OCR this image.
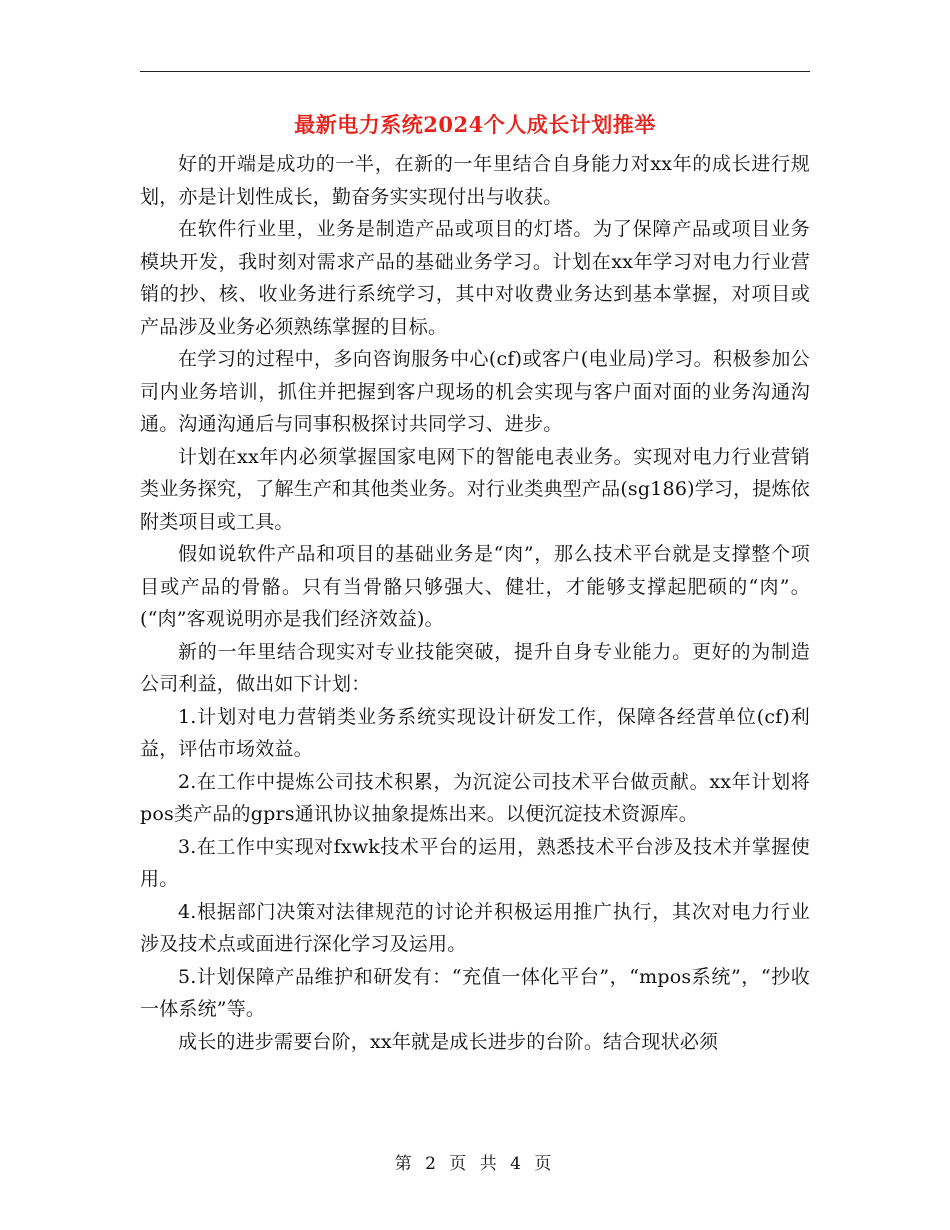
最新电力系统2024个人成长计划推举

好的开端是成功的一半，在新的一年里结合自身能力对xx年的成长进行规划，亦是计划性成长，勤奋务实实现付出与收获。

在软件行业里，业务是制造产品或项目的灯塔。为了保障产品或项目业务模块开发，我时刻对需求产品的基础业务学习。计划在xx年学习对电力行业营销的抄、核、收业务进行系统学习，其中对收费业务达到基本掌握，对项目或产品涉及业务必须熟练掌握的目标。

在学习的过程中，多向咨询服务中心(cf)或客户(电业局)学习。积极参加公司内业务培训，抓住并把握到客户现场的机会实现与客户面对面的业务沟通沟通。沟通沟通后与同事积极探讨共同学习、进步。

计划在xx年内必须掌握国家电网下的智能电表业务。实现对电力行业营销类业务探究，了解生产和其他类业务。对行业类典型产品(sg186)学习，提炼依附类项目或工具。

假如说软件产品和项目的基础业务是“肉”，那么技术平台就是支撑整个项目或产品的骨骼。只有当骨骼只够强大、健壮，才能够支撑起肥硕的“肉”。(“肉”客观说明亦是我们经济效益)。

新的一年里结合现实对专业技能突破，提升自身专业能力。更好的为制造公司利益，做出如下计划：

1.计划对电力营销类业务系统实现设计研发工作，保障各经营单位(cf)利益，评估市场效益。

2.在工作中提炼公司技术积累，为沉淀公司技术平台做贡献。xx年计划将 pos类产品的gprs通讯协议抽象提炼出来。以便沉淀技术资源库。

3.在工作中实现对fxwk技术平台的运用，熟悉技术平台涉及技术并掌握使用。

4.根据部门决策对法律规范的讨论并积极运用推广执行，其次对电力行业涉及技术点或面进行深化学习及运用。

5.计划保障产品维护和研发有：“充值一体化平台”，“mpos系统”，“抄收一体系统”等。

成长的进步需要台阶，xx年就是成长进步的台阶。结合现状必须

第 2 页 共 4 页
